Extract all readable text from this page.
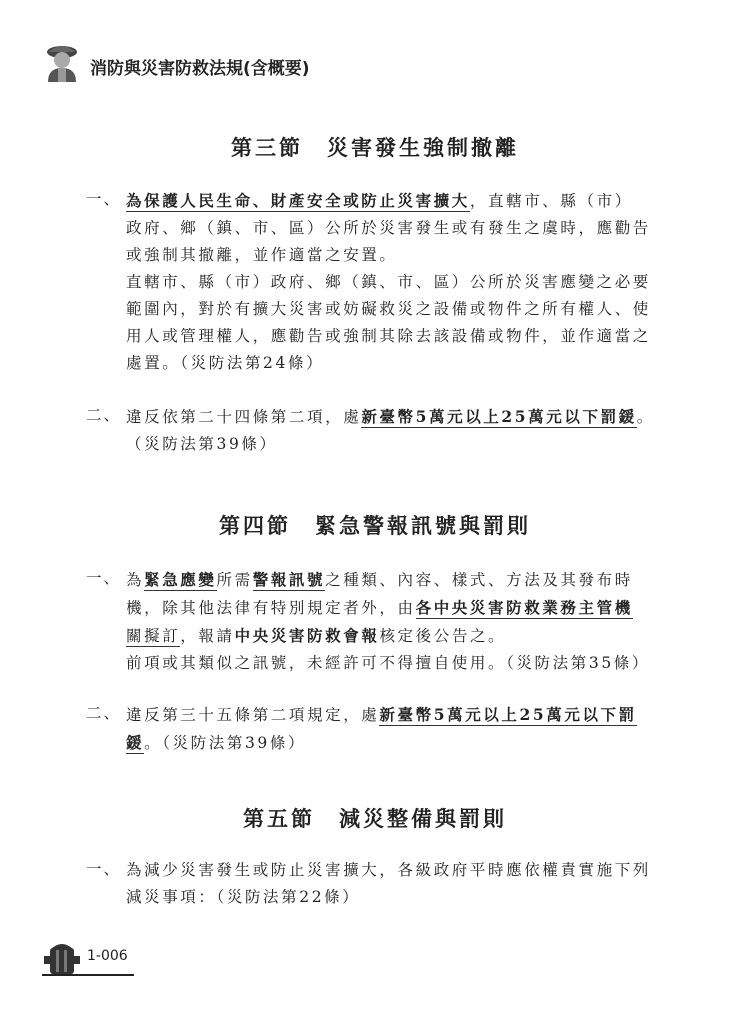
消防與災害防救法規(含概要)
第三節　災害發生強制撤離
第四節　緊急警報訊號與罰則
第五節　減災整備與罰則
一、 為保護人民生命、財產安全或防止災害擴大，直轄市、縣（市）
政府、鄉（鎮、市、區）公所於災害發生或有發生之虞時，應勸告
或強制其撤離，並作適當之安置。
直轄市、縣（市）政府、鄉（鎮、市、區）公所於災害應變之必要
範圍內，對於有擴大災害或妨礙救災之設備或物件之所有權人、使
用人或管理權人，應勸告或強制其除去該設備或物件，並作適當之
處置。（災防法第24條）
二、 違反依第二十四條第二項，處新臺幣5萬元以上25萬元以下罰鍰。
（災防法第39條）
一、 為緊急應變所需警報訊號之種類、內容、樣式、方法及其發布時
機，除其他法律有特別規定者外，由各中央災害防救業務主管機
關擬訂，報請中央災害防救會報核定後公告之。
前項或其類似之訊號，未經許可不得擅自使用。（災防法第35條）
二、 違反第三十五條第二項規定，處新臺幣5萬元以上25萬元以下罰
鍰。（災防法第39條）
一、 為減少災害發生或防止災害擴大，各級政府平時應依權責實施下列
減災事項：（災防法第22條）
1-006
